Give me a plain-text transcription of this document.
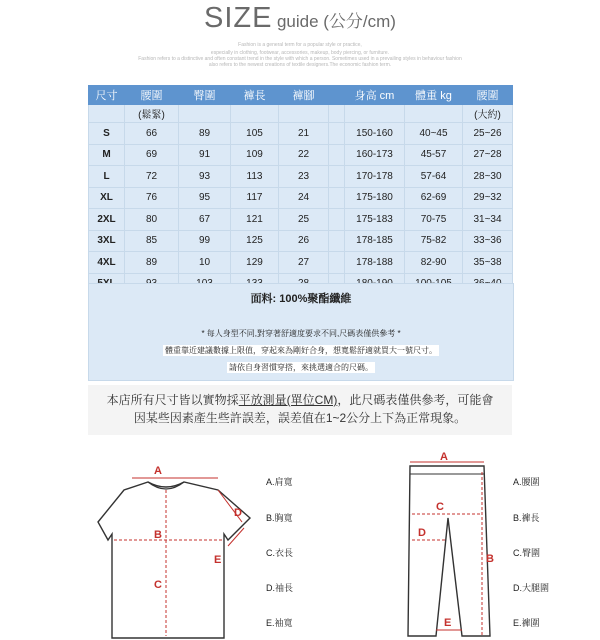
SIZE guide (公分/cm)
Fashion is a general term for a popular style or practice,
especially in clothing, footwear, accessories, makeup, body piercing, or furniture.
Fashion refers to a distinctive and often constant trend in the style with which a person. Sometimes used in a prevailing styles in behaviour fashion
also refers to the newest creations of textile designers.The economic fashion term.
尺寸	腰圍	臀圍	褲長	褲腳		身高 cm	體重 kg	腰圍
	(鬆緊)							(大約)
S	66	89	105	21		150-160	40~45	25~26
M	69	91	109	22		160-173	45-57	27~28
L	72	93	113	23		170-178	57-64	28~30
XL	76	95	117	24		175-180	62-69	29~32
2XL	80	67	121	25		175-183	70-75	31~34
3XL	85	99	125	26		178-185	75-82	33~36
4XL	89	10	129	27		178-188	82-90	35~38

面料: 100%聚酯纖維
* 每人身型不同,對穿著舒適度要求不同,尺碼表僅供參考 *
體重靠近建議數據上限值，穿起來為剛好合身，想寬鬆舒適就買大一號尺寸。
請依自身習慣穿搭，來挑選適合的尺碼。

本店所有尺寸皆以實物採平放測量(單位CM)，此尺碼表僅供參考，可能會

因某些因素產生些許誤差，誤差值在1~2公分上下為正常現象。

A
B
C
D
E
A.肩寬
B.胸寬
C.衣長
D.袖長
E.袖寬
A
B
C
D
E
A.腰圍
B.褲長
C.臀圍
D.大腿圍
E.褲圍
